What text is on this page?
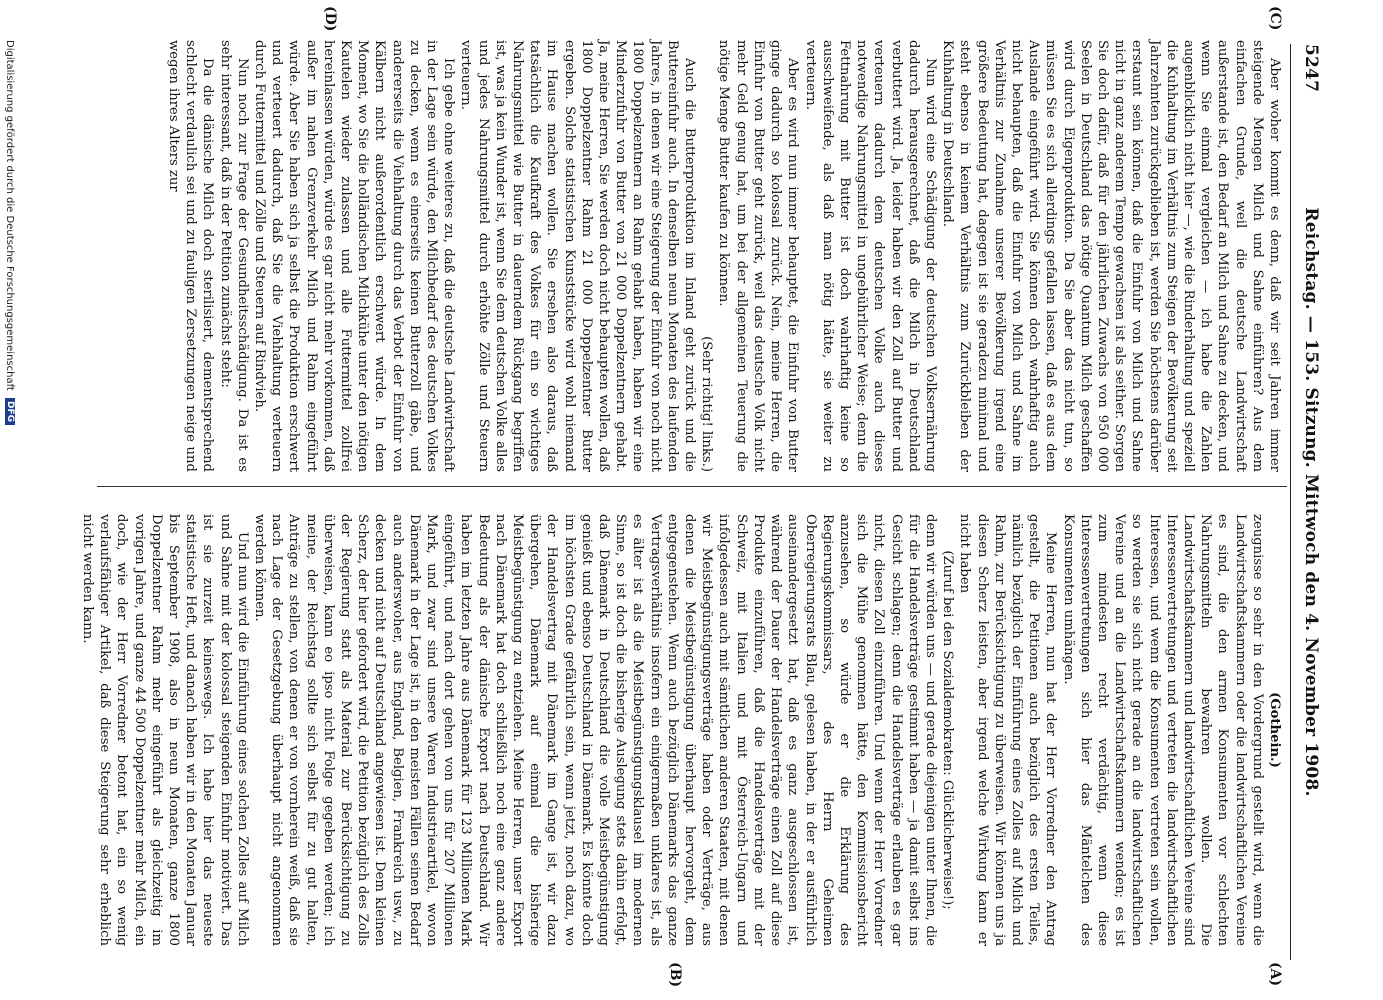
5247
Reichstag. — 153. Sitzung. Mittwoch den 4. November 1908.
(C)
(D)
(A)
(B)

Aber woher kommt es denn, daß wir seit Jahren immer steigende Mengen Milch und Sahne einführen? Aus dem einfachen Grunde, weil die deutsche Landwirtschaft außerstande ist, den Bedarf an Milch und Sahne zu decken, und wenn Sie einmal vergleichen — ich habe die Zahlen augenblicklich nicht hier —, wie die Rinderhaltung und speziell die Kuhhaltung im Verhältnis zum Steigen der Bevölkerung seit Jahrzehnten zurückgeblieben ist, werden Sie höchstens darüber erstaunt sein können, daß die Einfuhr von Milch und Sahne nicht in ganz anderem Tempo gewachsen ist als seither. Sorgen Sie doch dafür, daß für den jährlichen Zuwachs von 950 000 Seelen in Deutschland das nötige Quantum Milch geschaffen wird durch Eigenproduktion. Da Sie aber das nicht tun, so müssen Sie es sich allerdings gefallen lassen, daß es aus dem Auslande eingeführt wird. Sie können doch wahrhaftig auch nicht behaupten, daß die Einfuhr von Milch und Sahne im Verhältnis zur Zunahme unserer Bevölkerung irgend eine größere Bedeutung hat, dagegen ist sie geradezu minimal und steht ebenso in keinem Verhältnis zum Zurückbleiben der Kuhhaltung in Deutschland.

Nun wird eine Schädigung der deutschen Volksernährung dadurch herausgerechnet, daß die Milch in Deutschland verbuttert wird. Ja, leider haben wir den Zoll auf Butter und verteuern dadurch dem deutschen Volke auch dieses notwendige Nahrungsmittel in ungebührlicher Weise; denn die Fettnahrung mit Butter ist doch wahrhaftig keine so ausschweifende, als daß man nötig hätte, sie weiter zu verteuern.

Aber es wird nun immer behauptet, die Einfuhr von Butter ginge dadurch so kolossal zurück. Nein, meine Herren, die Einfuhr von Butter geht zurück, weil das deutsche Volk nicht mehr Geld genug hat, um bei der allgemeinen Teuerung die nötige Menge Butter kaufen zu können.

(Sehr richtig! links.)

Auch die Butterproduktion im Inland geht zurück und die Buttereinfuhr auch. In denselben neun Monaten des laufenden Jahres, in denen wir eine Steigerung der Einfuhr von noch nicht 1800 Doppelzentnern an Rahm gehabt haben, haben wir eine Minderzufuhr von Butter von 21 000 Doppelzentnern gehabt. Ja, meine Herren, Sie werden doch nicht behaupten wollen, daß 1800 Doppelzentner Rahm 21 000 Doppelzentner Butter ergeben. Solche statistischen Kunststücke wird wohl niemand im Hause machen wollen. Sie ersehen also daraus, daß tatsächlich die Kaufkraft des Volkes für ein so wichtiges Nahrungsmittel wie Butter in dauerndem Rückgang begriffen ist, was ja kein Wunder ist, wenn Sie dem deutschen Volke alles und jedes Nahrungsmittel durch erhöhte Zölle und Steuern verteuern.

Ich gebe ohne weiteres zu, daß die deutsche Landwirtschaft in der Lage sein würde, den Milchbedarf des deutschen Volkes zu decken, wenn es einerseits keinen Butterzoll gäbe, und andererseits die Viehhaltung durch das Verbot der Einfuhr von Kälbern nicht außerordentlich erschwert würde. In dem Moment, wo Sie die holländischen Milchkühe unter den nötigen Kautelen wieder zulassen und alle Futtermittel zollfrei hereinlassen würden, würde es gar nicht mehr vorkommen, daß außer im nahen Grenzverkehr Milch und Rahm eingeführt würde. Aber Sie haben sich ja selbst die Produktion erschwert und verteuert dadurch, daß Sie die Viehhaltung verteuern durch Futtermittel und Zölle und Steuern auf Rindvieh.

Nun noch zur Frage der Gesundheitsschädigung. Da ist es sehr interessant, daß in der Petition zunächst steht:

Da die dänische Milch doch sterilisiert, dementsprechend schlecht verdaulich sei und zu fauligen Zersetzungen neige und wegen ihres Alters zur

(Gothein.)

zeugnisse so sehr in den Vordergrund gestellt wird, wenn die Landwirtschaftskammern oder die landwirtschaftlichen Vereine es sind, die den armen Konsumenten vor schlechten Nahrungsmitteln bewahren wollen. Die Landwirtschaftskammern und landwirtschaftlichen Vereine sind Interessenvertretungen und vertreten die landwirtschaftlichen Interessen, und wenn die Konsumenten vertreten sein wollen, so werden sie sich nicht gerade an die landwirtschaftlichen Vereine und an die Landwirtschaftskammern wenden; es ist zum mindesten recht verdächtig, wenn diese Interessenvertretungen sich hier das Mäntelchen des Konsumenten umhängen.

Meine Herren, nun hat der Herr Vorredner den Antrag gestellt, die Petitionen auch bezüglich des ersten Teiles, nämlich bezüglich der Einführung eines Zolles auf Milch und Rahm, zur Berücksichtigung zu überweisen. Wir können uns ja diesen Scherz leisten, aber irgend welche Wirkung kann er nicht haben

(Zuruf bei den Sozialdemokraten: Glücklicherweise!);

denn wir würden uns — und gerade diejenigen unter Ihnen, die für die Handelsverträge gestimmt haben — ja damit selbst ins Gesicht schlagen; denn die Handelsverträge erlauben es gar nicht, diesen Zoll einzuführen. Und wenn der Herr Vorredner sich die Mühe genommen hätte, den Kommissionsbericht anzusehen, so würde er die Erklärung des Regierungskommissars, des Herrn Geheimen Oberregierungsrats Blau, gelesen haben, in der er ausführlich auseinandergesetzt hat, daß es ganz ausgeschlossen ist, während der Dauer der Handelsverträge einen Zoll auf diese Produkte einzuführen, daß die Handelsverträge mit der Schweiz, mit Italien und mit Österreich-Ungarn und infolgedessen auch mit sämtlichen anderen Staaten, mit denen wir Meistbegünstigungsverträge haben oder Verträge, aus denen die Meistbegünstigung überhaupt hervorgeht, dem entgegenstehen. Wenn auch bezüglich Dänemarks das ganze Vertragsverhältnis insofern ein einigermaßen unklares ist, als es älter ist als die Meistbegünstigungsklausel im modernen Sinne, so ist doch die bisherige Auslegung stets dahin erfolgt, daß Dänemark in Deutschland die volle Meistbegünstigung genießt und ebenso Deutschland in Dänemark. Es könnte doch im höchsten Grade gefährlich sein, wenn jetzt, noch dazu, wo der Handelsvertrag mit Dänemark im Gange ist, wir dazu übergehen, Dänemark auf einmal die bisherige Meistbegünstigung zu entziehen. Meine Herren, unser Export nach Dänemark hat doch schließlich noch eine ganz andere Bedeutung als der dänische Export nach Deutschland. Wir haben im letzten Jahre aus Dänemark für 123 Millionen Mark eingeführt, und nach dort gehen von uns für 207 Millionen Mark, und zwar sind unsere Waren Industrieartikel, wovon Dänemark in der Lage ist, in den meisten Fällen seinen Bedarf auch anderswoher, aus England, Belgien, Frankreich usw., zu decken und nicht auf Deutschland angewiesen ist. Dem kleinen Scherz, der hier gefordert wird, die Petition bezüglich des Zolls der Regierung statt als Material zur Berücksichtigung zu überweisen, kann eo ipso nicht Folge gegeben werden; ich meine, der Reichstag sollte sich selbst für zu gut halten, Anträge zu stellen, von denen er von vornherein weiß, daß sie nach Lage der Gesetzgebung überhaupt nicht angenommen werden können.

Und nun wird die Einführung eines solchen Zolles auf Milch und Sahne mit der kolossal steigenden Einfuhr motiviert. Das ist sie zurzeit keineswegs. Ich habe hier das neueste statistische Heft, und danach haben wir in den Monaten Januar bis September 1908, also in neun Monaten, ganze 1800 Doppelzentner Rahm mehr eingeführt als gleichzeitig im vorigen Jahre, und ganze 44 500 Doppelzentner mehr Milch, ein doch, wie der Herr Vorredner betont hat, ein so wenig verlaufsfähiger Artikel, daß diese Steigerung sehr erheblich nicht werden kann.

Digitalisierung gefördert durch die Deutsche Forschungsgemeinschaft DFG
